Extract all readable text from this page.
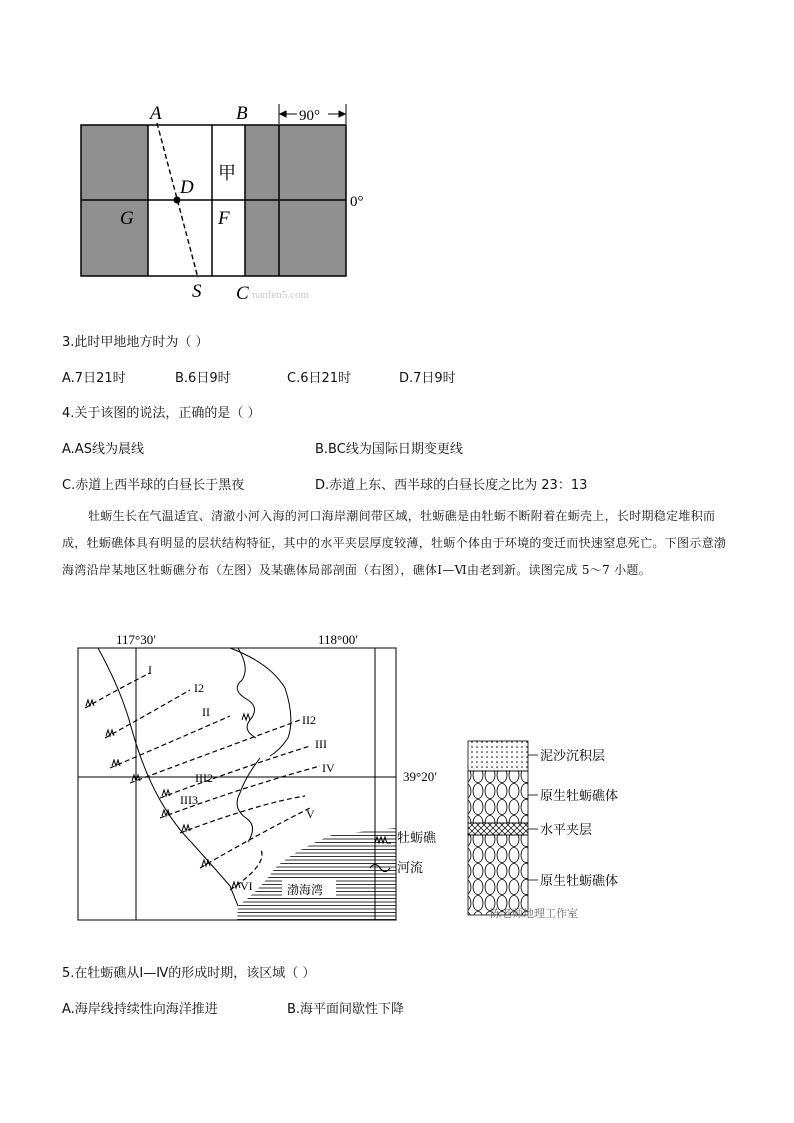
A	B	90°
D
甲
G	F
0°
S C nanfen5.com
3.此时甲地地方时为（ ）
A.7日21时	B.6日9时	C.6日21时	D.7日9时
4.关于该图的说法，正确的是（ ）
A.AS线为晨线	B.BC线为国际日期变更线
C.赤道上西半球的白昼长于黑夜	D.赤道上东、西半球的白昼长度之比为 23：13
牡蛎生长在气温适宜、清澈小河入海的河口海岸潮间带区域，牡蛎礁是由牡蛎不断附着在蛎壳上，长时期稳定堆积而成，牡蛎礁体具有明显的层状结构特征，其中的水平夹层厚度较薄，牡蛎个体由于环境的变迁而快速窒息死亡。下图示意渤海湾沿岸某地区牡蛎礁分布（左图）及某礁体局部剖面（右图），礁体Ⅰ—Ⅵ由老到新。读图完成 5～7 小题。
渤海湾
I
I2
II
II2
III
III2
III3
IV
V
VI
117°30′	118°00′
39°20′
牡蛎礁
河流
泥沙沉积层
原生牡蛎礁体
水平夹层
原生牡蛎礁体
陈老师地理工作室
5.在牡蛎礁从Ⅰ—Ⅳ的形成时期，该区域（ ）
A.海岸线持续性向海洋推进	B.海平面间歇性下降
